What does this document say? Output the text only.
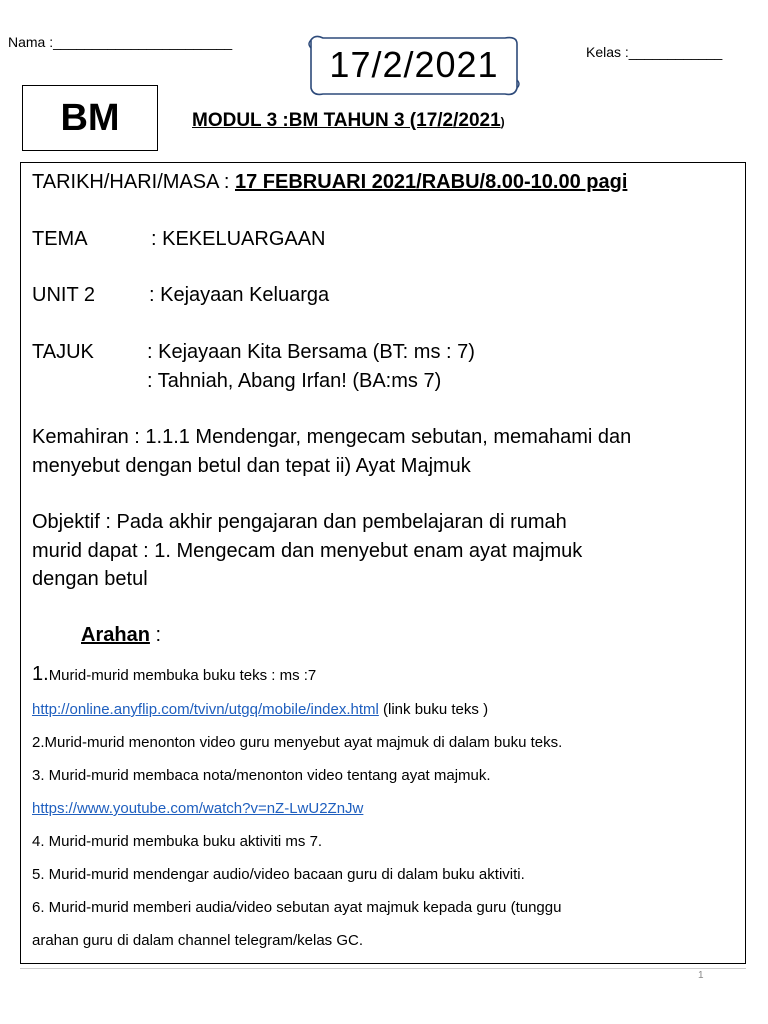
Nama :_______________________
17/2/2021	Kelas :____________
BM	MODUL 3 :BM TAHUN 3 (17/2/2021)
TARIKH/HARI/MASA : 17 FEBRUARI 2021/RABU/8.00-10.00 pagi
TEMA	: KEKELUARGAAN
UNIT 2	: Kejayaan Keluarga
TAJUK	: Kejayaan Kita Bersama (BT: ms : 7)
: Tahniah, Abang Irfan! (BA:ms 7)
Kemahiran : 1.1.1 Mendengar, mengecam sebutan, memahami dan
menyebut dengan betul dan tepat ii) Ayat Majmuk
Objektif : Pada akhir pengajaran dan pembelajaran di rumah
murid dapat : 1. Mengecam dan menyebut enam ayat majmuk
dengan betul
Arahan :
1.Murid-murid membuka buku teks : ms :7
http://online.anyflip.com/tvivn/utgq/mobile/index.html (link buku teks )
2.Murid-murid menonton video guru menyebut ayat majmuk di dalam buku teks.
3. Murid-murid membaca nota/menonton video tentang ayat majmuk.
https://www.youtube.com/watch?v=nZ-LwU2ZnJw
4. Murid-murid membuka buku aktiviti ms 7.
5. Murid-murid mendengar audio/video bacaan guru di dalam buku aktiviti.
6. Murid-murid memberi audia/video sebutan ayat majmuk kepada guru (tunggu
arahan guru di dalam channel telegram/kelas GC.
1
